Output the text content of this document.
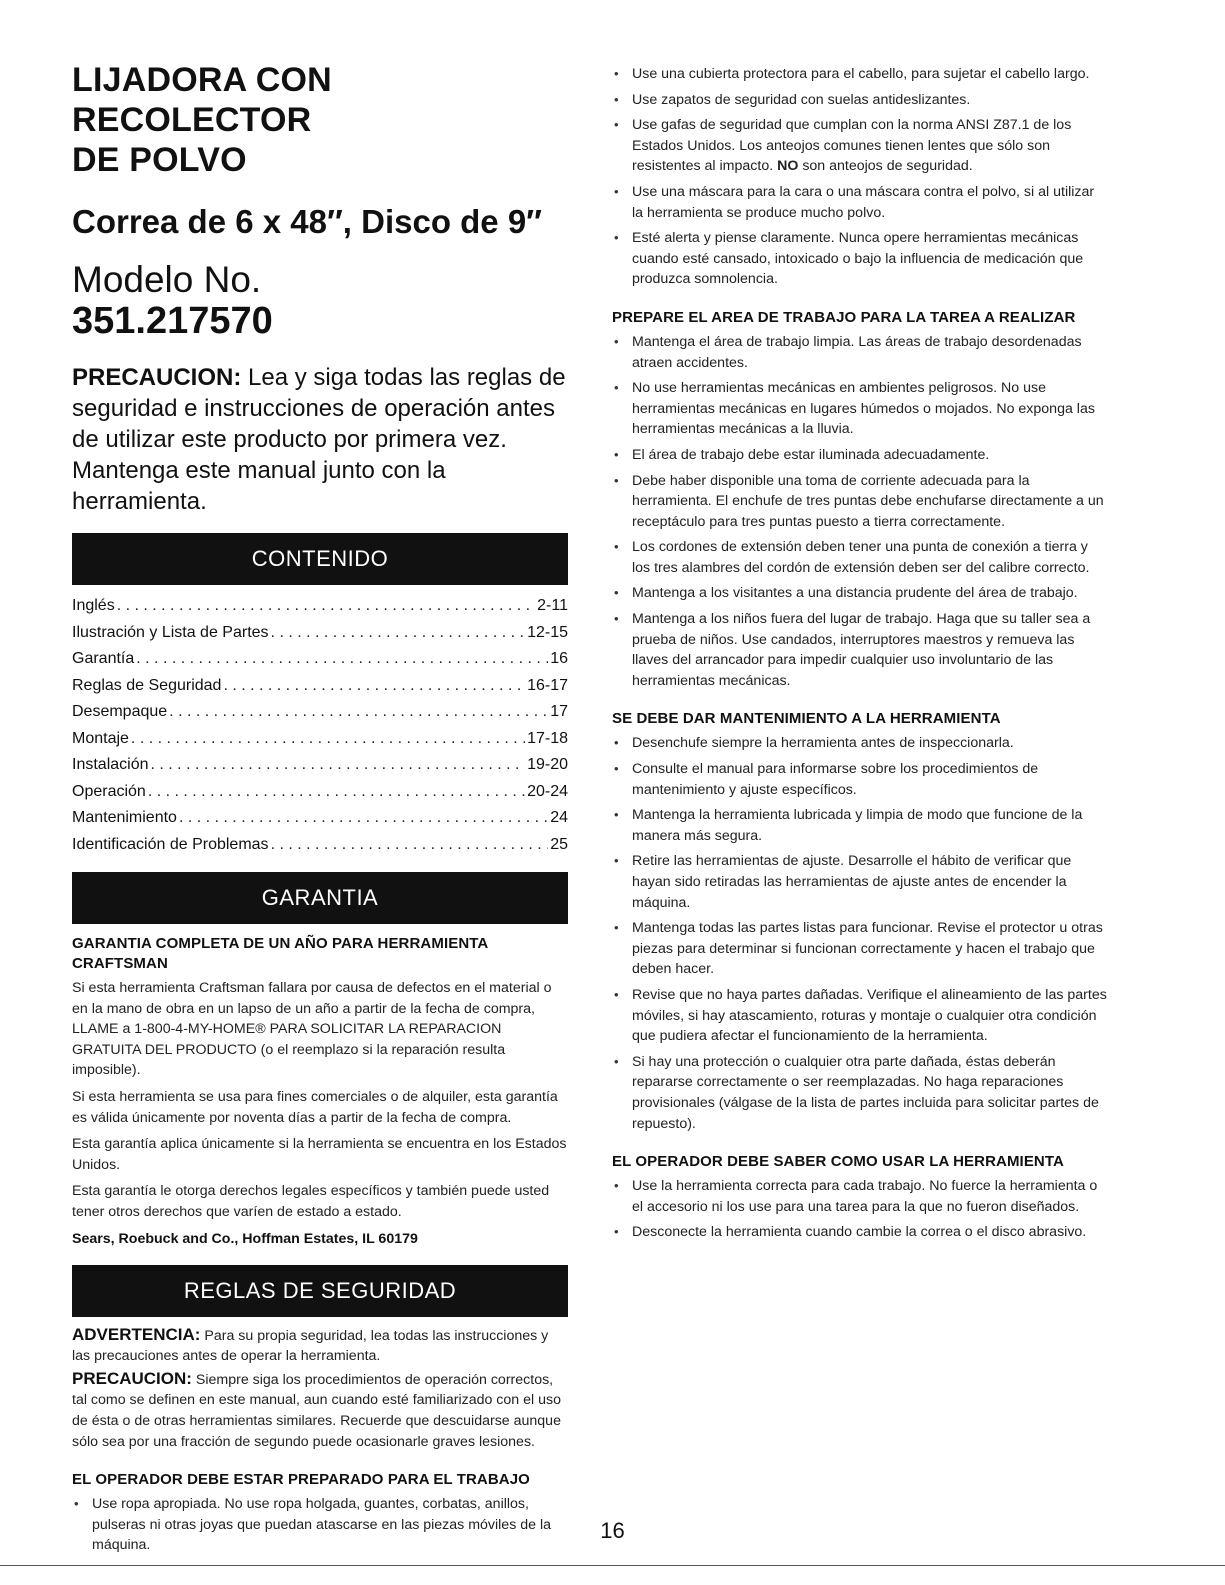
LIJADORA CON RECOLECTOR
DE POLVO
Correa de 6 x 48″, Disco de 9″
Modelo No.
351.217570

PRECAUCION: Lea y siga todas las reglas de seguridad e instrucciones de operación antes de utilizar este producto por primera vez. Mantenga este manual junto con la herramienta.

CONTENIDO
Inglés . . .	2-11
Ilustración y Lista de Partes . . .	12-15
Garantía . . .	16
Reglas de Seguridad . . .	16-17
Desempaque . . .	17
Montaje . . .	17-18
Instalación . . .	19-20
Operación . . .	20-24
Mantenimiento . . .	24
Identificación de Problemas . . .	25
GARANTIA
GARANTIA COMPLETA DE UN AÑO PARA HERRAMIENTA CRAFTSMAN

Si esta herramienta Craftsman fallara por causa de defectos en el material o en la mano de obra en un lapso de un año a partir de la fecha de compra, LLAME a 1-800-4-MY-HOME® PARA SOLICITAR LA REPARACION GRATUITA DEL PRODUCTO (o el reemplazo si la reparación resulta imposible).

Si esta herramienta se usa para fines comerciales o de alquiler, esta garantía es válida únicamente por noventa días a partir de la fecha de compra.

Esta garantía aplica únicamente si la herramienta se encuentra en los Estados Unidos.

Esta garantía le otorga derechos legales específicos y también puede usted tener otros derechos que varíen de estado a estado.

Sears, Roebuck and Co., Hoffman Estates, IL 60179

REGLAS DE SEGURIDAD

ADVERTENCIA: Para su propia seguridad, lea todas las instrucciones y las precauciones antes de operar la herramienta.

PRECAUCION: Siempre siga los procedimientos de operación correctos, tal como se definen en este manual, aun cuando esté familiarizado con el uso de ésta o de otras herramientas similares. Recuerde que descuidarse aunque sólo sea por una fracción de segundo puede ocasionarle graves lesiones.

EL OPERADOR DEBE ESTAR PREPARADO PARA EL TRABAJO
• Use ropa apropiada. No use ropa holgada, guantes, corbatas, anillos, pulseras ni otras joyas que puedan atascarse en las piezas móviles de la máquina.
• Use una cubierta protectora para el cabello, para sujetar el cabello largo.
• Use zapatos de seguridad con suelas antideslizantes.
• Use gafas de seguridad que cumplan con la norma ANSI Z87.1 de los Estados Unidos. Los anteojos comunes tienen lentes que sólo son resistentes al impacto. NO son anteojos de seguridad.
• Use una máscara para la cara o una máscara contra el polvo, si al utilizar la herramienta se produce mucho polvo.
• Esté alerta y piense claramente. Nunca opere herramientas mecánicas cuando esté cansado, intoxicado o bajo la influencia de medicación que produzca somnolencia.
PREPARE EL AREA DE TRABAJO PARA LA TAREA A REALIZAR
• Mantenga el área de trabajo limpia. Las áreas de trabajo desordenadas atraen accidentes.
• No use herramientas mecánicas en ambientes peligrosos. No use herramientas mecánicas en lugares húmedos o mojados. No exponga las herramientas mecánicas a la lluvia.
• El área de trabajo debe estar iluminada adecuadamente.
• Debe haber disponible una toma de corriente adecuada para la herramienta. El enchufe de tres puntas debe enchufarse directamente a un receptáculo para tres puntas puesto a tierra correctamente.
• Los cordones de extensión deben tener una punta de conexión a tierra y los tres alambres del cordón de extensión deben ser del calibre correcto.
• Mantenga a los visitantes a una distancia prudente del área de trabajo.
• Mantenga a los niños fuera del lugar de trabajo. Haga que su taller sea a prueba de niños. Use candados, interruptores maestros y remueva las llaves del arrancador para impedir cualquier uso involuntario de las herramientas mecánicas.
SE DEBE DAR MANTENIMIENTO A LA HERRAMIENTA
• Desenchufe siempre la herramienta antes de inspeccionarla.
• Consulte el manual para informarse sobre los procedimientos de mantenimiento y ajuste específicos.
• Mantenga la herramienta lubricada y limpia de modo que funcione de la manera más segura.
• Retire las herramientas de ajuste. Desarrolle el hábito de verificar que hayan sido retiradas las herramientas de ajuste antes de encender la máquina.
• Mantenga todas las partes listas para funcionar. Revise el protector u otras piezas para determinar si funcionan correctamente y hacen el trabajo que deben hacer.
• Revise que no haya partes dañadas. Verifique el alineamiento de las partes móviles, si hay atascamiento, roturas y montaje o cualquier otra condición que pudiera afectar el funcionamiento de la herramienta.
• Si hay una protección o cualquier otra parte dañada, éstas deberán repararse correctamente o ser reemplazadas. No haga reparaciones provisionales (válgase de la lista de partes incluida para solicitar partes de repuesto).
EL OPERADOR DEBE SABER COMO USAR LA HERRAMIENTA
• Use la herramienta correcta para cada trabajo. No fuerce la herramienta o el accesorio ni los use para una tarea para la que no fueron diseñados.
• Desconecte la herramienta cuando cambie la correa o el disco abrasivo.
16
